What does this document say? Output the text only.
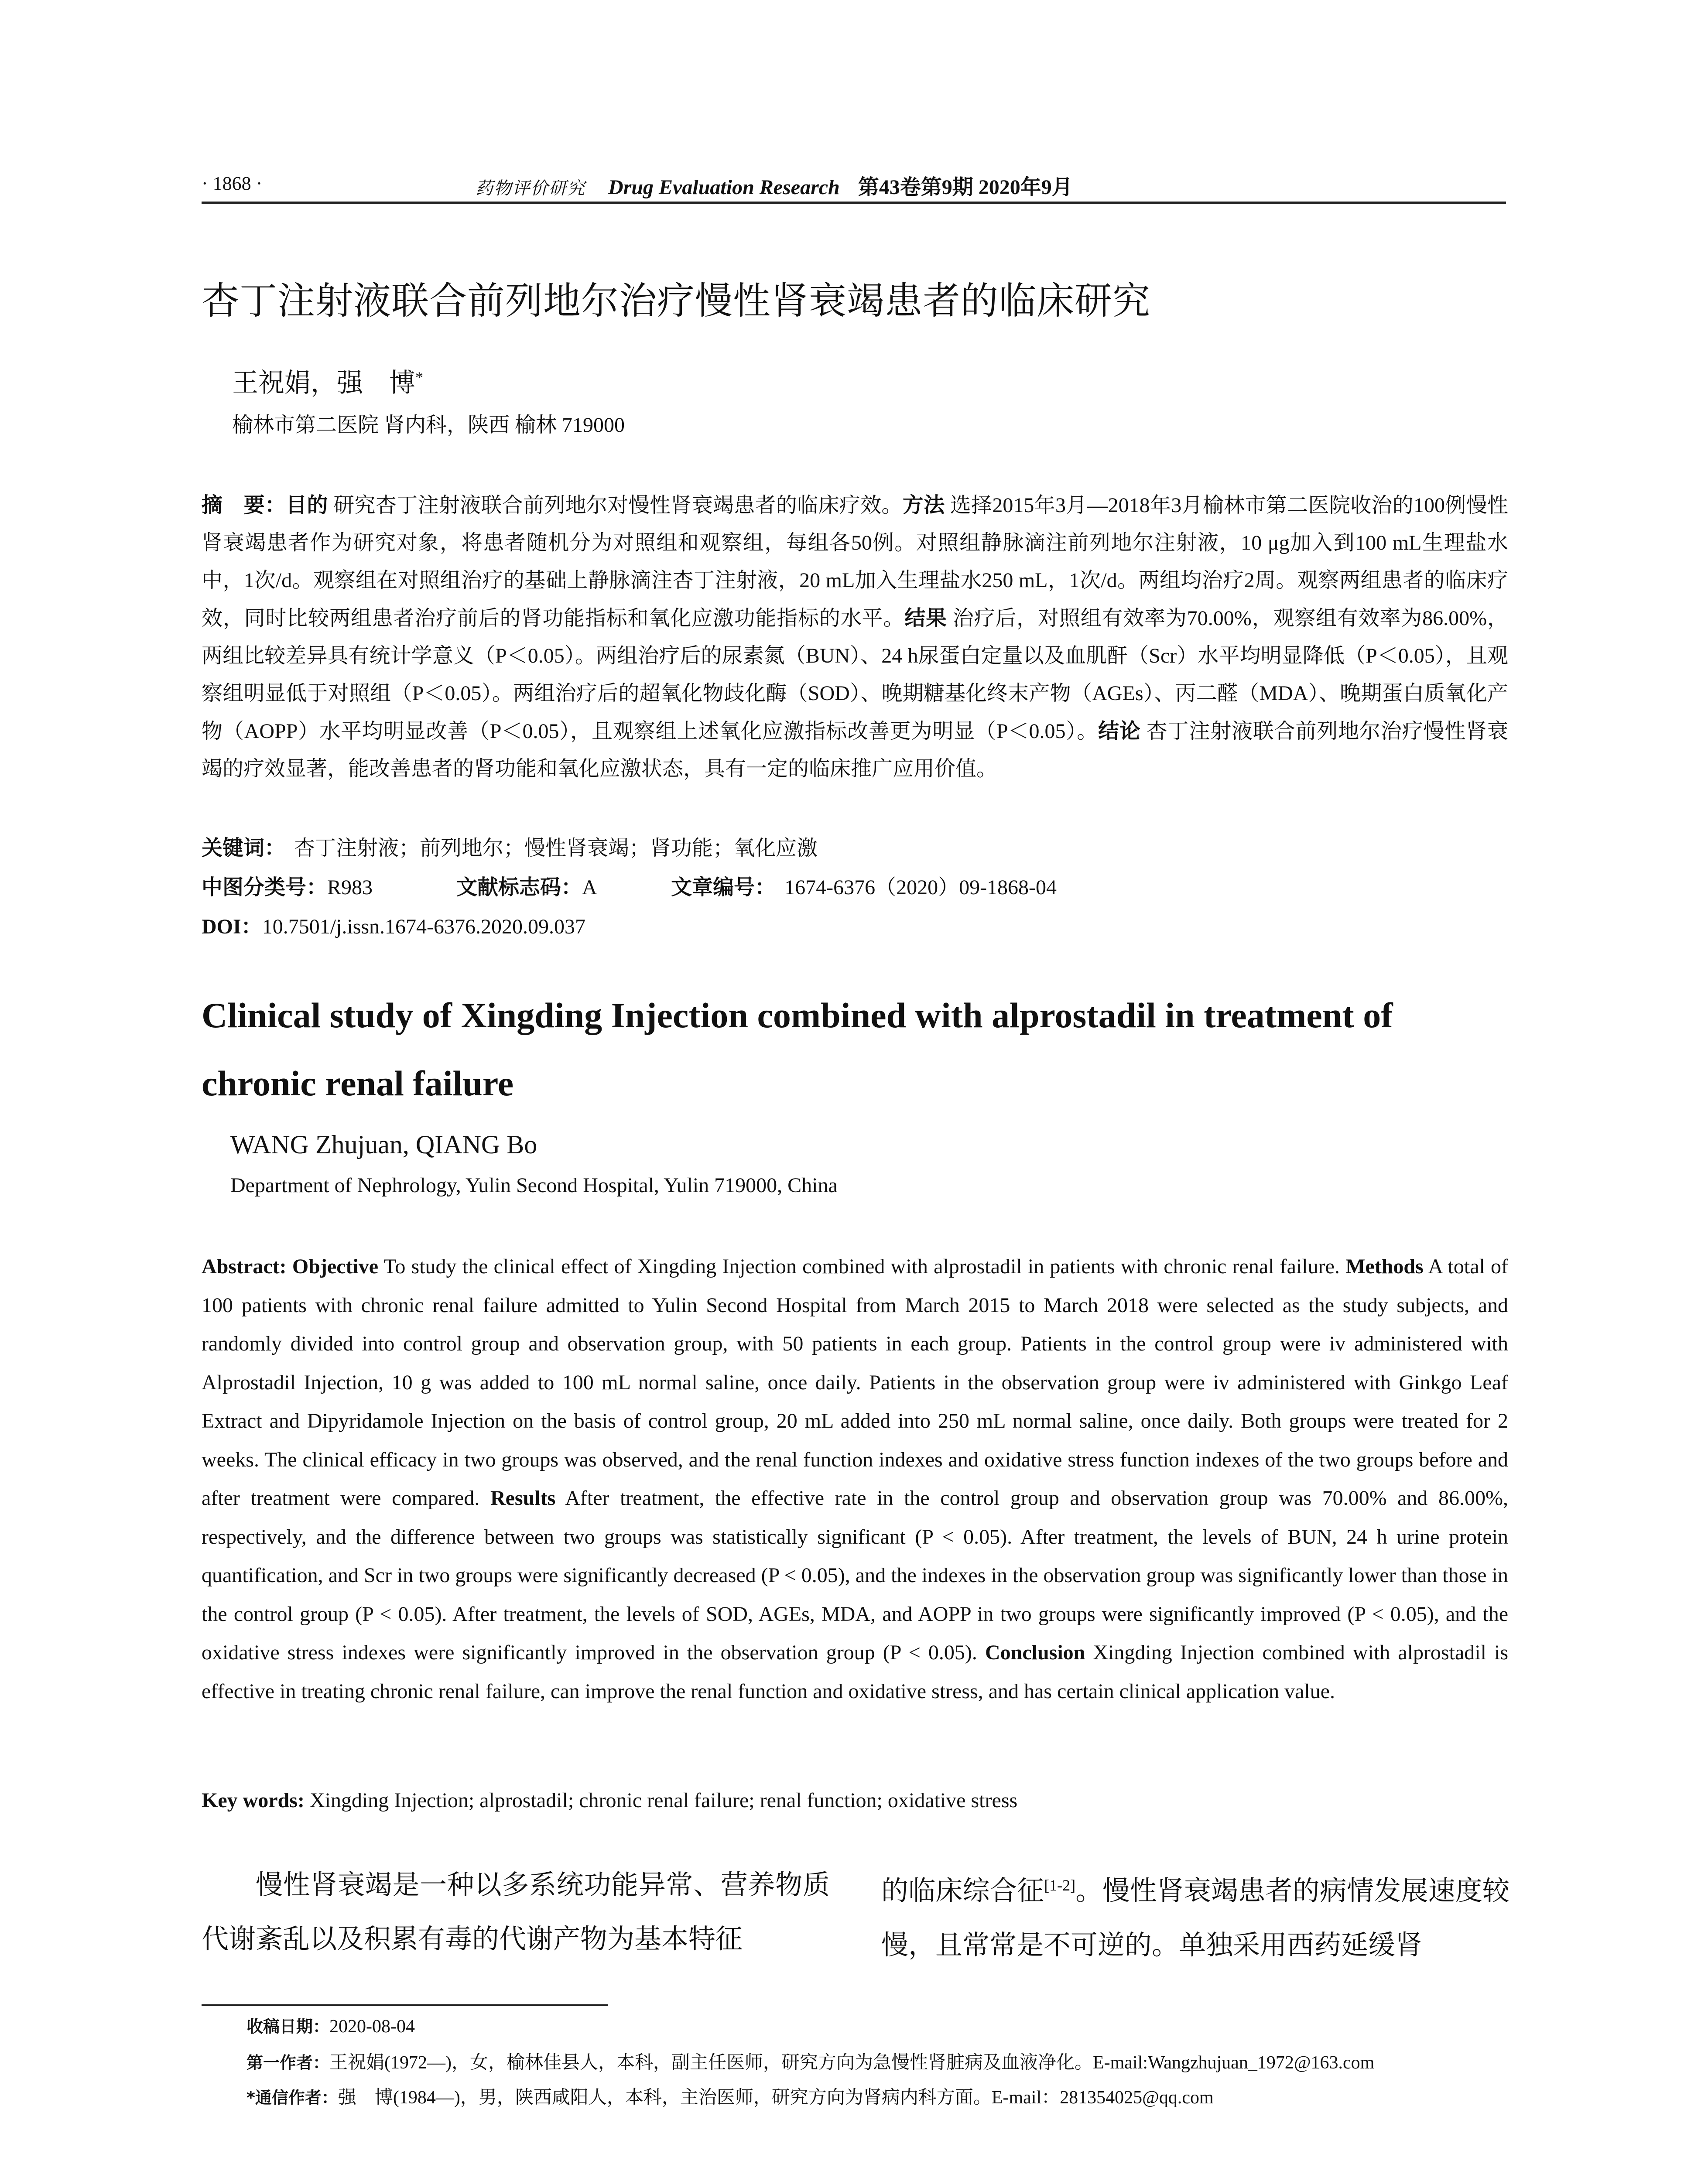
· 1868 ·	药物评价研究 Drug Evaluation Research 第43卷第9期 2020年9月
杏丁注射液联合前列地尔治疗慢性肾衰竭患者的临床研究
王祝娟，强　博*
榆林市第二医院 肾内科，陕西 榆林 719000
摘　要：目的 研究杏丁注射液联合前列地尔对慢性肾衰竭患者的临床疗效。方法 选择2015年3月—2018年3月榆林市第二医院收治的100例慢性肾衰竭患者作为研究对象，将患者随机分为对照组和观察组，每组各50例。对照组静脉滴注前列地尔注射液，10 μg加入到100 mL生理盐水中，1次/d。观察组在对照组治疗的基础上静脉滴注杏丁注射液，20 mL加入生理盐水250 mL，1次/d。两组均治疗2周。观察两组患者的临床疗效，同时比较两组患者治疗前后的肾功能指标和氧化应激功能指标的水平。结果 治疗后，对照组有效率为70.00%，观察组有效率为86.00%，两组比较差异具有统计学意义（P＜0.05）。两组治疗后的尿素氮（BUN）、24 h尿蛋白定量以及血肌酐（Scr）水平均明显降低（P＜0.05），且观察组明显低于对照组（P＜0.05）。两组治疗后的超氧化物歧化酶（SOD）、晚期糖基化终末产物（AGEs）、丙二醛（MDA）、晚期蛋白质氧化产物（AOPP）水平均明显改善（P＜0.05），且观察组上述氧化应激指标改善更为明显（P＜0.05）。结论 杏丁注射液联合前列地尔治疗慢性肾衰竭的疗效显著，能改善患者的肾功能和氧化应激状态，具有一定的临床推广应用价值。
关键词： 杏丁注射液；前列地尔；慢性肾衰竭；肾功能；氧化应激
中图分类号：R983	文献标志码：A	文章编号： 1674-6376（2020）09-1868-04
DOI：10.7501/j.issn.1674-6376.2020.09.037
Clinical study of Xingding Injection combined with alprostadil in treatment of chronic renal failure
WANG Zhujuan, QIANG Bo
Department of Nephrology, Yulin Second Hospital, Yulin 719000, China
Abstract: Objective To study the clinical effect of Xingding Injection combined with alprostadil in patients with chronic renal failure. Methods A total of 100 patients with chronic renal failure admitted to Yulin Second Hospital from March 2015 to March 2018 were selected as the study subjects, and randomly divided into control group and observation group, with 50 patients in each group. Patients in the control group were iv administered with Alprostadil Injection, 10 g was added to 100 mL normal saline, once daily. Patients in the observation group were iv administered with Ginkgo Leaf Extract and Dipyridamole Injection on the basis of control group, 20 mL added into 250 mL normal saline, once daily. Both groups were treated for 2 weeks. The clinical efficacy in two groups was observed, and the renal function indexes and oxidative stress function indexes of the two groups before and after treatment were compared. Results After treatment, the effective rate in the control group and observation group was 70.00% and 86.00%, respectively, and the difference between two groups was statistically significant (P < 0.05). After treatment, the levels of BUN, 24 h urine protein quantification, and Scr in two groups were significantly decreased (P < 0.05), and the indexes in the observation group was significantly lower than those in the control group (P < 0.05). After treatment, the levels of SOD, AGEs, MDA, and AOPP in two groups were significantly improved (P < 0.05), and the oxidative stress indexes were significantly improved in the observation group (P < 0.05). Conclusion Xingding Injection combined with alprostadil is effective in treating chronic renal failure, can improve the renal function and oxidative stress, and has certain clinical application value.
Key words: Xingding Injection; alprostadil; chronic renal failure; renal function; oxidative stress
慢性肾衰竭是一种以多系统功能异常、营养物质代谢紊乱以及积累有毒的代谢产物为基本特征
的临床综合征[1-2]。慢性肾衰竭患者的病情发展速度较慢，且常常是不可逆的。单独采用西药延缓肾
收稿日期：2020-08-04
第一作者：王祝娟(1972—)，女，榆林佳县人，本科，副主任医师，研究方向为急慢性肾脏病及血液净化。E-mail:Wangzhujuan_1972@163.com
*通信作者：强　博(1984—)，男，陕西咸阳人，本科，主治医师，研究方向为肾病内科方面。E-mail：281354025@qq.com
